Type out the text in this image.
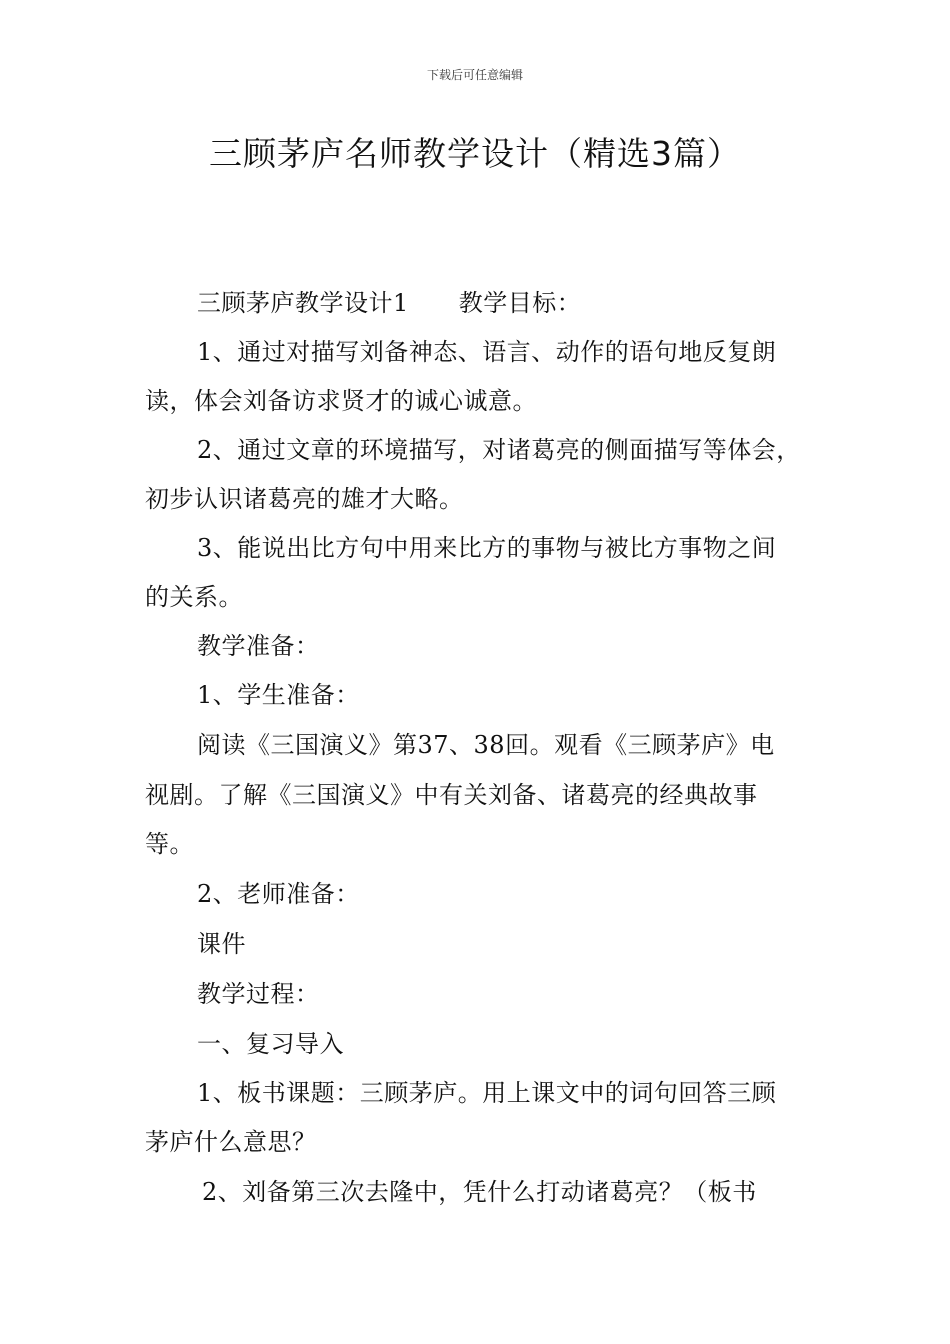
下载后可任意编辑
三顾茅庐名师教学设计（精选3篇）
三顾茅庐教学设计1 教学目标：
1、通过对描写刘备神态、语言、动作的语句地反复朗
读，体会刘备访求贤才的诚心诚意。
2、通过文章的环境描写，对诸葛亮的侧面描写等体会，
初步认识诸葛亮的雄才大略。
3、能说出比方句中用来比方的事物与被比方事物之间
的关系。
教学准备：
1、学生准备：
阅读《三国演义》第37、38回。观看《三顾茅庐》电
视剧。了解《三国演义》中有关刘备、诸葛亮的经典故事
等。
2、老师准备：
课件
教学过程：
一、复习导入
1、板书课题：三顾茅庐。用上课文中的词句回答三顾
茅庐什么意思？
2、刘备第三次去隆中，凭什么打动诸葛亮？（板书
